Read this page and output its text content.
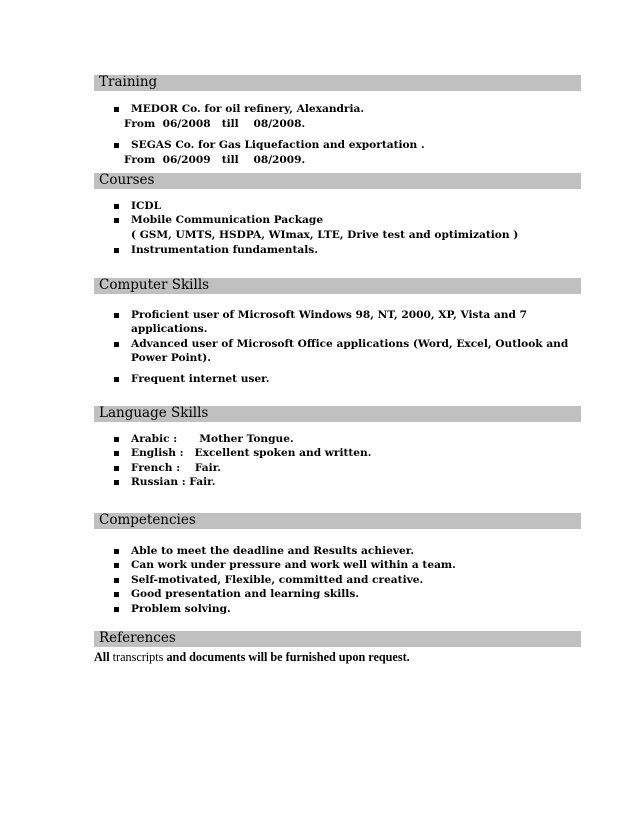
Training
MEDOR Co. for oil refinery, Alexandria.
From  06/2008   till    08/2008.
SEGAS Co. for Gas Liquefaction and exportation .
From  06/2009   till    08/2009.
Courses
ICDL
Mobile Communication Package
( GSM, UMTS, HSDPA, WImax, LTE, Drive test and optimization )
Instrumentation fundamentals.
Computer Skills
Proficient user of Microsoft Windows 98, NT, 2000, XP, Vista and 7
applications.
Advanced user of Microsoft Office applications (Word, Excel, Outlook and
Power Point).
Frequent internet user.
Language Skills
Arabic :      Mother Tongue.
English :   Excellent spoken and written.
French :    Fair.
Russian : Fair.
Competencies
Able to meet the deadline and Results achiever.
Can work under pressure and work well within a team.
Self-motivated, Flexible, committed and creative.
Good presentation and learning skills.
Problem solving.
References
All transcripts and documents will be furnished upon request.
